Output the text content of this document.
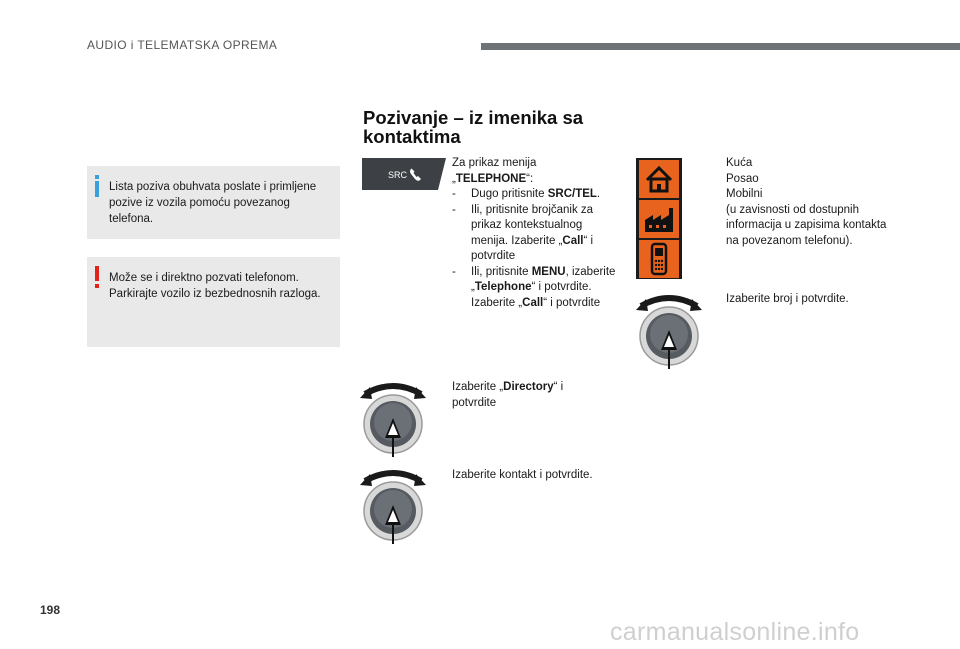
AUDIO i TELEMATSKA OPREMA
Lista poziva obuhvata poslate i primljene pozive iz vozila pomoću povezanog telefona.
Može se i direktno pozvati telefonom. Parkirajte vozilo iz bezbednosnih razloga.
Pozivanje – iz imenika sa kontaktima
SRC
Za prikaz menija „TELEPHONE“:
- Dugo pritisnite SRC/TEL.
- Ili, pritisnite brojčanik za prikaz kontekstualnog menija. Izaberite „Call“ i potvrdite
- Ili, pritisnite MENU, izaberite „Telephone“ i potvrdite. Izaberite „Call“ i potvrdite
Izaberite „Directory“ i potvrdite
Izaberite kontakt i potvrdite.
Kuća
Posao
Mobilni
(u zavisnosti od dostupnih informacija u zapisima kontakta na povezanom telefonu).
Izaberite broj i potvrdite.
198
carmanualsonline.info
